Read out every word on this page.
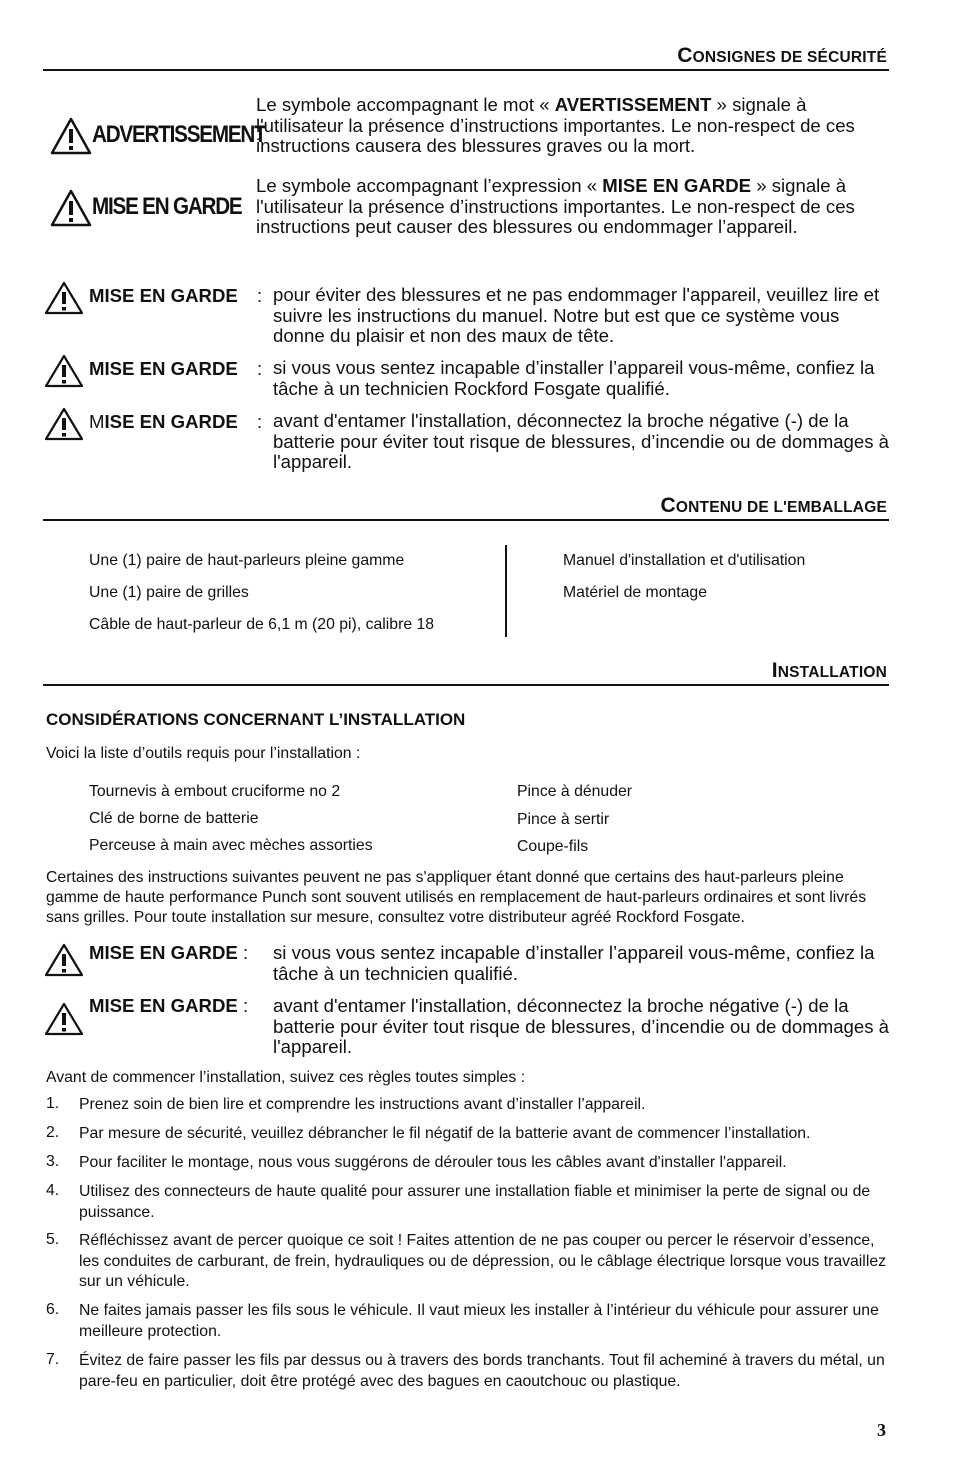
CONSIGNES DE SÉCURITÉ
ADVERTISSEMENT
Le symbole accompagnant le mot « AVERTISSEMENT » signale à l'utilisateur la présence d’instructions importantes. Le non-respect de ces instructions causera des blessures graves ou la mort.
MISE EN GARDE
Le symbole accompagnant l’expression « MISE EN GARDE » signale à l'utilisateur la présence d’instructions importantes. Le non-respect de ces instructions peut causer des blessures ou endommager l’appareil.
MISE EN GARDE : pour éviter des blessures et ne pas endommager l'appareil, veuillez lire et suivre les instructions du manuel. Notre but est que ce système vous donne du plaisir et non des maux de tête.
MISE EN GARDE : si vous vous sentez incapable d’installer l’appareil vous-même, confiez la tâche à un technicien Rockford Fosgate qualifié.
MISE EN GARDE : avant d'entamer l'installation, déconnectez la broche négative (-) de la batterie pour éviter tout risque de blessures, d’incendie ou de dommages à l'appareil.
CONTENU DE L'EMBALLAGE
Une (1) paire de haut-parleurs pleine gamme
Une (1) paire de grilles
Câble de haut-parleur de 6,1 m (20 pi), calibre 18
Manuel d'installation et d'utilisation
Matériel de montage
INSTALLATION
CONSIDÉRATIONS CONCERNANT L’INSTALLATION
Voici la liste d’outils requis pour l’installation :
Tournevis à embout cruciforme no 2
Clé de borne de batterie
Perceuse à main avec mèches assorties
Pince à dénuder
Pince à sertir
Coupe-fils
Certaines des instructions suivantes peuvent ne pas s'appliquer étant donné que certains des haut-parleurs pleine gamme de haute performance Punch sont souvent utilisés en remplacement de haut-parleurs ordinaires et sont livrés sans grilles. Pour toute installation sur mesure, consultez votre distributeur agréé Rockford Fosgate.
MISE EN GARDE : si vous vous sentez incapable d’installer l’appareil vous-même, confiez la tâche à un technicien qualifié.
MISE EN GARDE : avant d'entamer l'installation, déconnectez la broche négative (-) de la batterie pour éviter tout risque de blessures, d’incendie ou de dommages à l'appareil.
Avant de commencer l’installation, suivez ces règles toutes simples :
1. Prenez soin de bien lire et comprendre les instructions avant d’installer l’appareil.
2. Par mesure de sécurité, veuillez débrancher le fil négatif de la batterie avant de commencer l’installation.
3. Pour faciliter le montage, nous vous suggérons de dérouler tous les câbles avant d'installer l'appareil.
4. Utilisez des connecteurs de haute qualité pour assurer une installation fiable et minimiser la perte de signal ou de puissance.
5. Réfléchissez avant de percer quoique ce soit ! Faites attention de ne pas couper ou percer le réservoir d’essence, les conduites de carburant, de frein, hydrauliques ou de dépression, ou le câblage électrique lorsque vous travaillez sur un véhicule.
6. Ne faites jamais passer les fils sous le véhicule. Il vaut mieux les installer à l’intérieur du véhicule pour assurer une meilleure protection.
7. Évitez de faire passer les fils par dessus ou à travers des bords tranchants. Tout fil acheminé à travers du métal, un pare-feu en particulier, doit être protégé avec des bagues en caoutchouc ou plastique.
3
